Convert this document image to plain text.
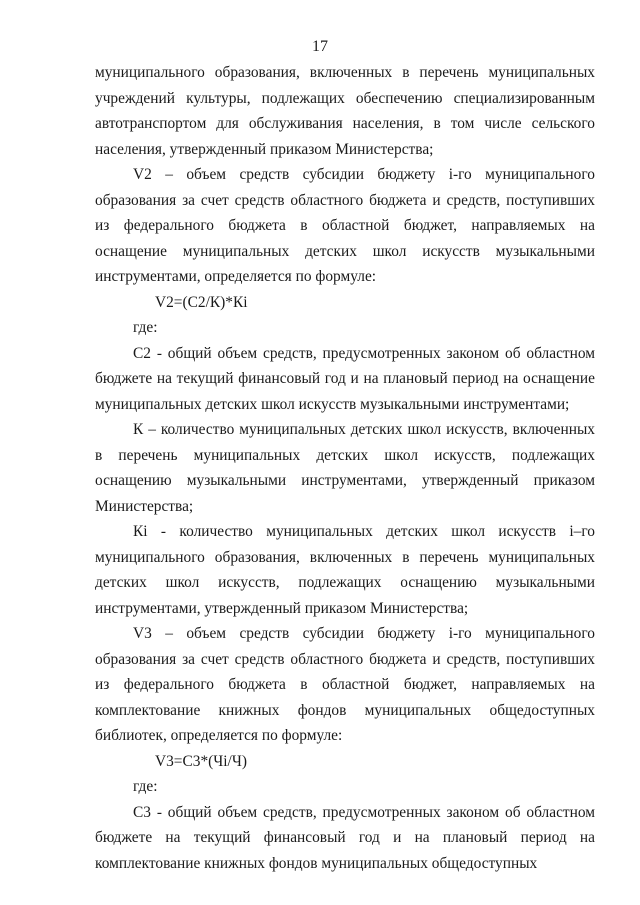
17

муниципального образования, включенных в перечень муниципальных учреждений культуры, подлежащих обеспечению специализированным автотранспортом для обслуживания населения, в том числе сельского населения, утвержденный приказом Министерства;

V2 – объем средств субсидии бюджету i-го муниципального образования за счет средств областного бюджета и средств, поступивших из федерального бюджета в областной бюджет, направляемых на оснащение муниципальных детских школ искусств музыкальными инструментами, определяется по формуле:

V2=(С2/К)*Кi

где:

С2 - общий объем средств, предусмотренных законом об областном бюджете на текущий финансовый год и на плановый период на оснащение муниципальных детских школ искусств музыкальными инструментами;

К – количество муниципальных детских школ искусств, включенных в перечень муниципальных детских школ искусств, подлежащих оснащению музыкальными инструментами, утвержденный приказом Министерства;

Кi - количество муниципальных детских школ искусств i–го муниципального образования, включенных в перечень муниципальных детских школ искусств, подлежащих оснащению музыкальными инструментами, утвержденный приказом Министерства;

V3 – объем средств субсидии бюджету i-го муниципального образования за счет средств областного бюджета и средств, поступивших из федерального бюджета в областной бюджет, направляемых на комплектование книжных фондов муниципальных общедоступных библиотек, определяется по формуле:

V3=С3*(Чi/Ч)

где:

С3 - общий объем средств, предусмотренных законом об областном бюджете на текущий финансовый год и на плановый период на комплектование книжных фондов муниципальных общедоступных
